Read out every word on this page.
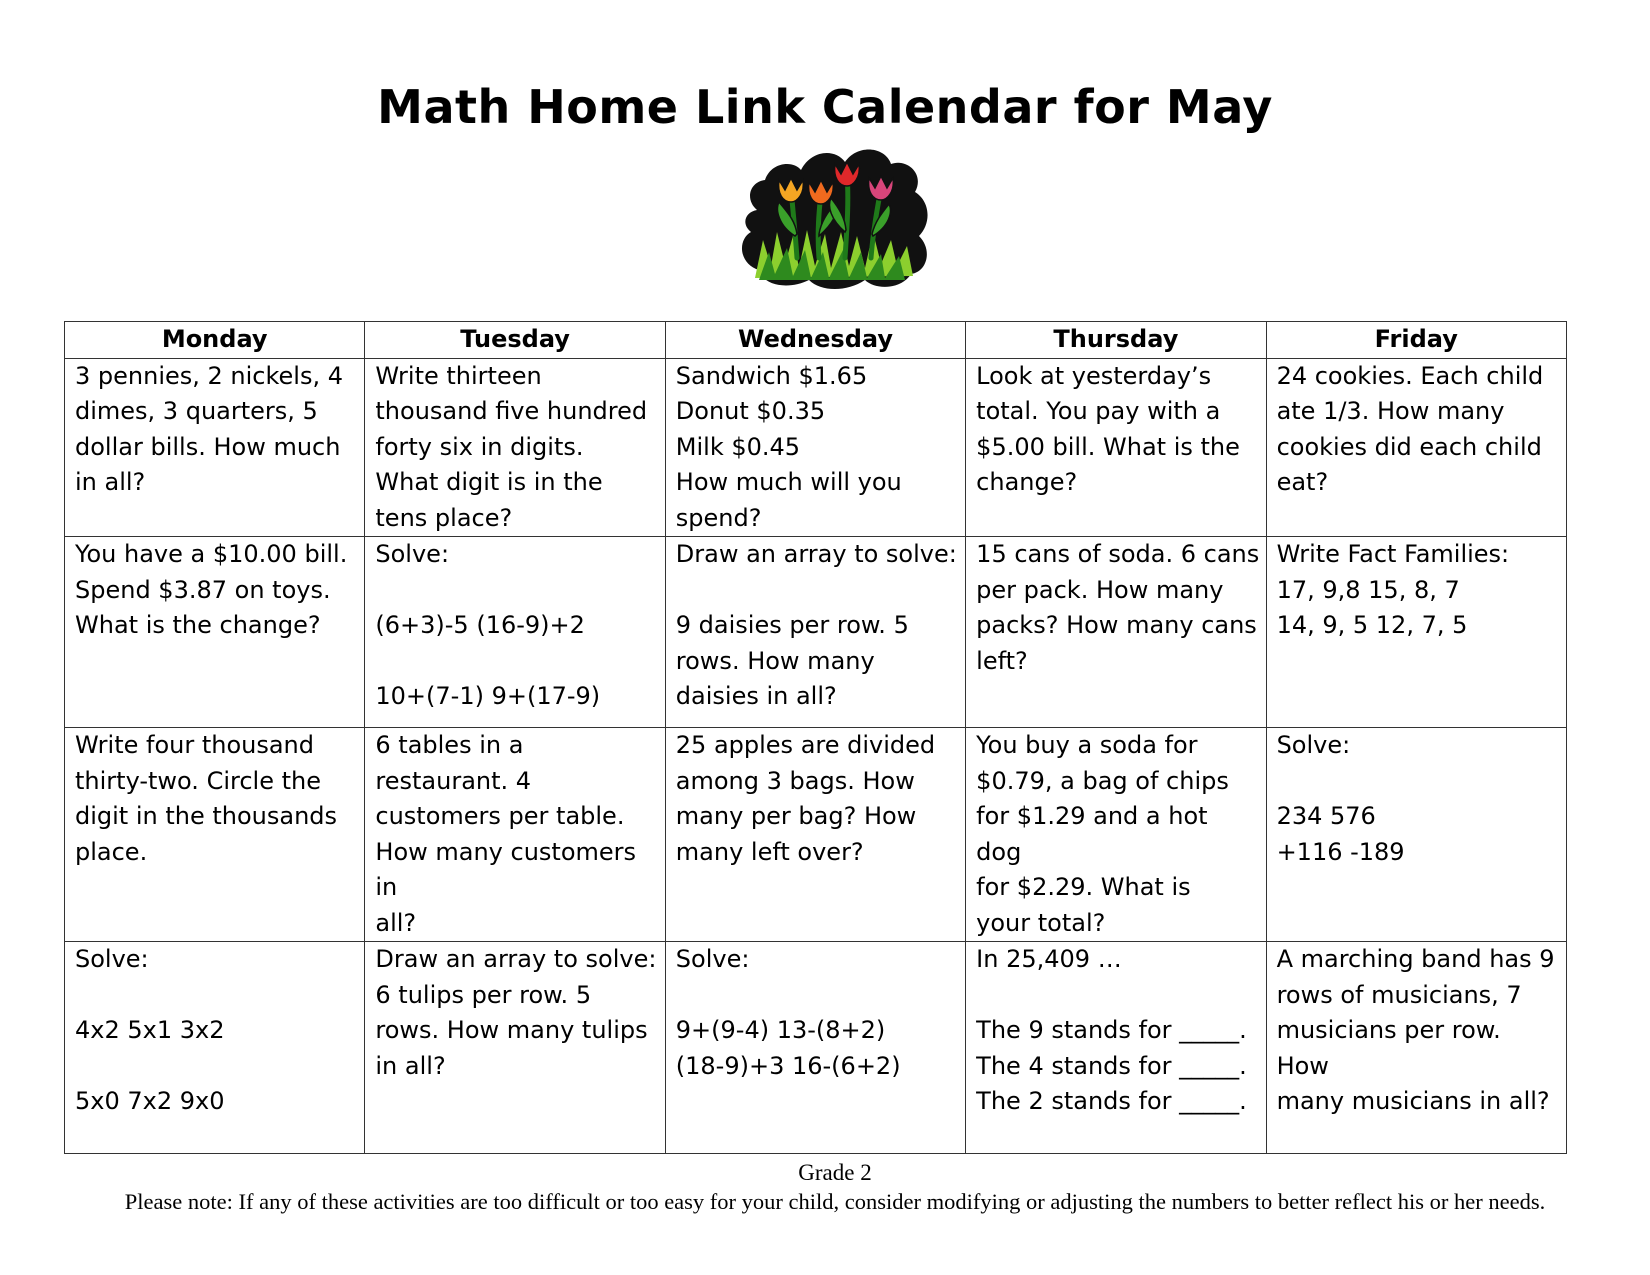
Math Home Link Calendar for May
Monday	Tuesday	Wednesday	Thursday	Friday

3 pennies, 2 nickels, 4
dimes, 3 quarters, 5
dollar bills. How much
in all?	Write thirteen
thousand five hundred
forty six in digits.
What digit is in the
tens place?	Sandwich $1.65
Donut $0.35
Milk $0.45
How much will you
spend?	Look at yesterday’s
total. You pay with a
$5.00 bill. What is the
change?	24 cookies. Each child
ate 1/3. How many
cookies did each child
eat?

You have a $10.00 bill.
Spend $3.87 on toys.
What is the change?	Solve:

(6+3)-5 (16-9)+2

10+(7-1) 9+(17-9)	Draw an array to solve:

9 daisies per row. 5
rows. How many
daisies in all?	15 cans of soda. 6 cans
per pack. How many
packs? How many cans
left?	Write Fact Families:
17, 9,8 15, 8, 7
14, 9, 5 12, 7, 5

Write four thousand
thirty-two. Circle the
digit in the thousands
place.	6 tables in a
restaurant. 4
customers per table.
How many customers in
all?	25 apples are divided
among 3 bags. How
many per bag? How
many left over?	You buy a soda for
$0.79, a bag of chips
for $1.29 and a hot dog
for $2.29. What is
your total?	Solve:

234 576
+116 -189

Solve:

4x2 5x1 3x2

5x0 7x2 9x0	Draw an array to solve:
6 tulips per row. 5
rows. How many tulips
in all?	Solve:

9+(9-4) 13-(8+2)
(18-9)+3 16-(6+2)	In 25,409 …

The 9 stands for _____.
The 4 stands for _____.
The 2 stands for _____.	A marching band has 9
rows of musicians, 7
musicians per row. How
many musicians in all?
Grade 2
Please note: If any of these activities are too difficult or too easy for your child, consider modifying or adjusting the numbers to better reflect his or her needs.
